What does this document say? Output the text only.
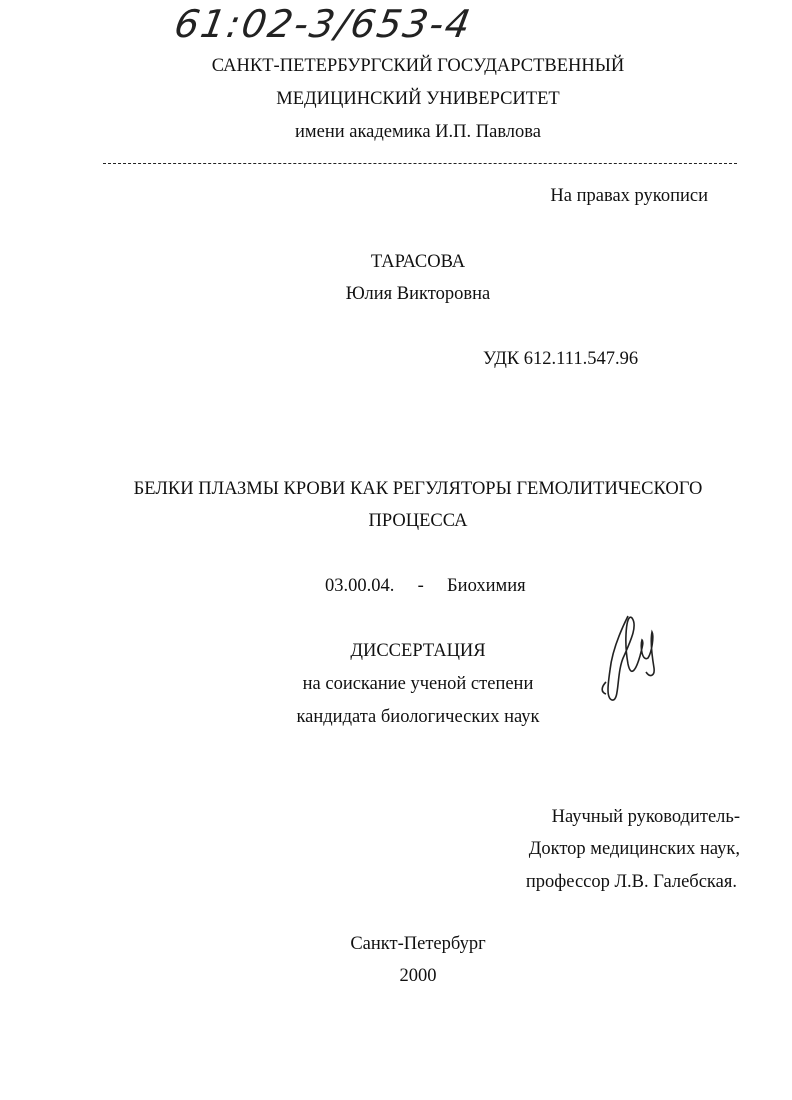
61:02-3/653-4
САНКТ-ПЕТЕРБУРГСКИЙ ГОСУДАРСТВЕННЫЙ
МЕДИЦИНСКИЙ УНИВЕРСИТЕТ
имени академика И.П. Павлова
На правах рукописи
ТАРАСОВА
Юлия Викторовна
УДК 612.111.547.96
БЕЛКИ ПЛАЗМЫ КРОВИ КАК РЕГУЛЯТОРЫ ГЕМОЛИТИЧЕСКОГО
ПРОЦЕССА
03.00.04. - Биохимия
ДИССЕРТАЦИЯ
на соискание ученой степени
кандидата биологических наук
Научный руководитель-
Доктор медицинских наук,
профессор Л.В. Галебская.
Санкт-Петербург
2000
